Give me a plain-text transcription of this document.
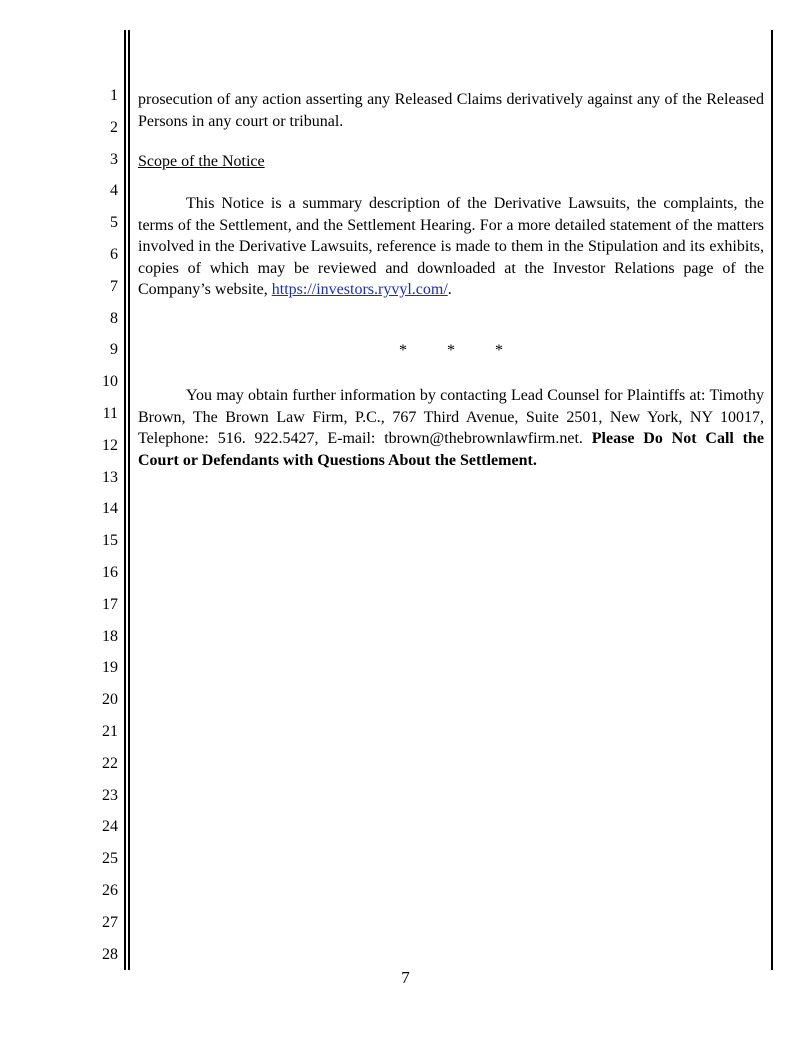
1
2
3
4
5
6
7
8
9
10
11
12
13
14
15
16
17
18
19
20
21
22
23
24
25
26
27
28

prosecution of any action asserting any Released Claims derivatively against any of the Released Persons in any court or tribunal.

Scope of the Notice

This Notice is a summary description of the Derivative Lawsuits, the complaints, the terms of the Settlement, and the Settlement Hearing. For a more detailed statement of the matters involved in the Derivative Lawsuits, reference is made to them in the Stipulation and its exhibits, copies of which may be reviewed and downloaded at the Investor Relations page of the Company’s website, https://investors.ryvyl.com/.

*	*	*

You may obtain further information by contacting Lead Counsel for Plaintiffs at: Timothy Brown, The Brown Law Firm, P.C., 767 Third Avenue, Suite 2501, New York, NY 10017, Telephone: 516. 922.5427, E-mail: tbrown@thebrownlawfirm.net. Please Do Not Call the Court or Defendants with Questions About the Settlement.

7
